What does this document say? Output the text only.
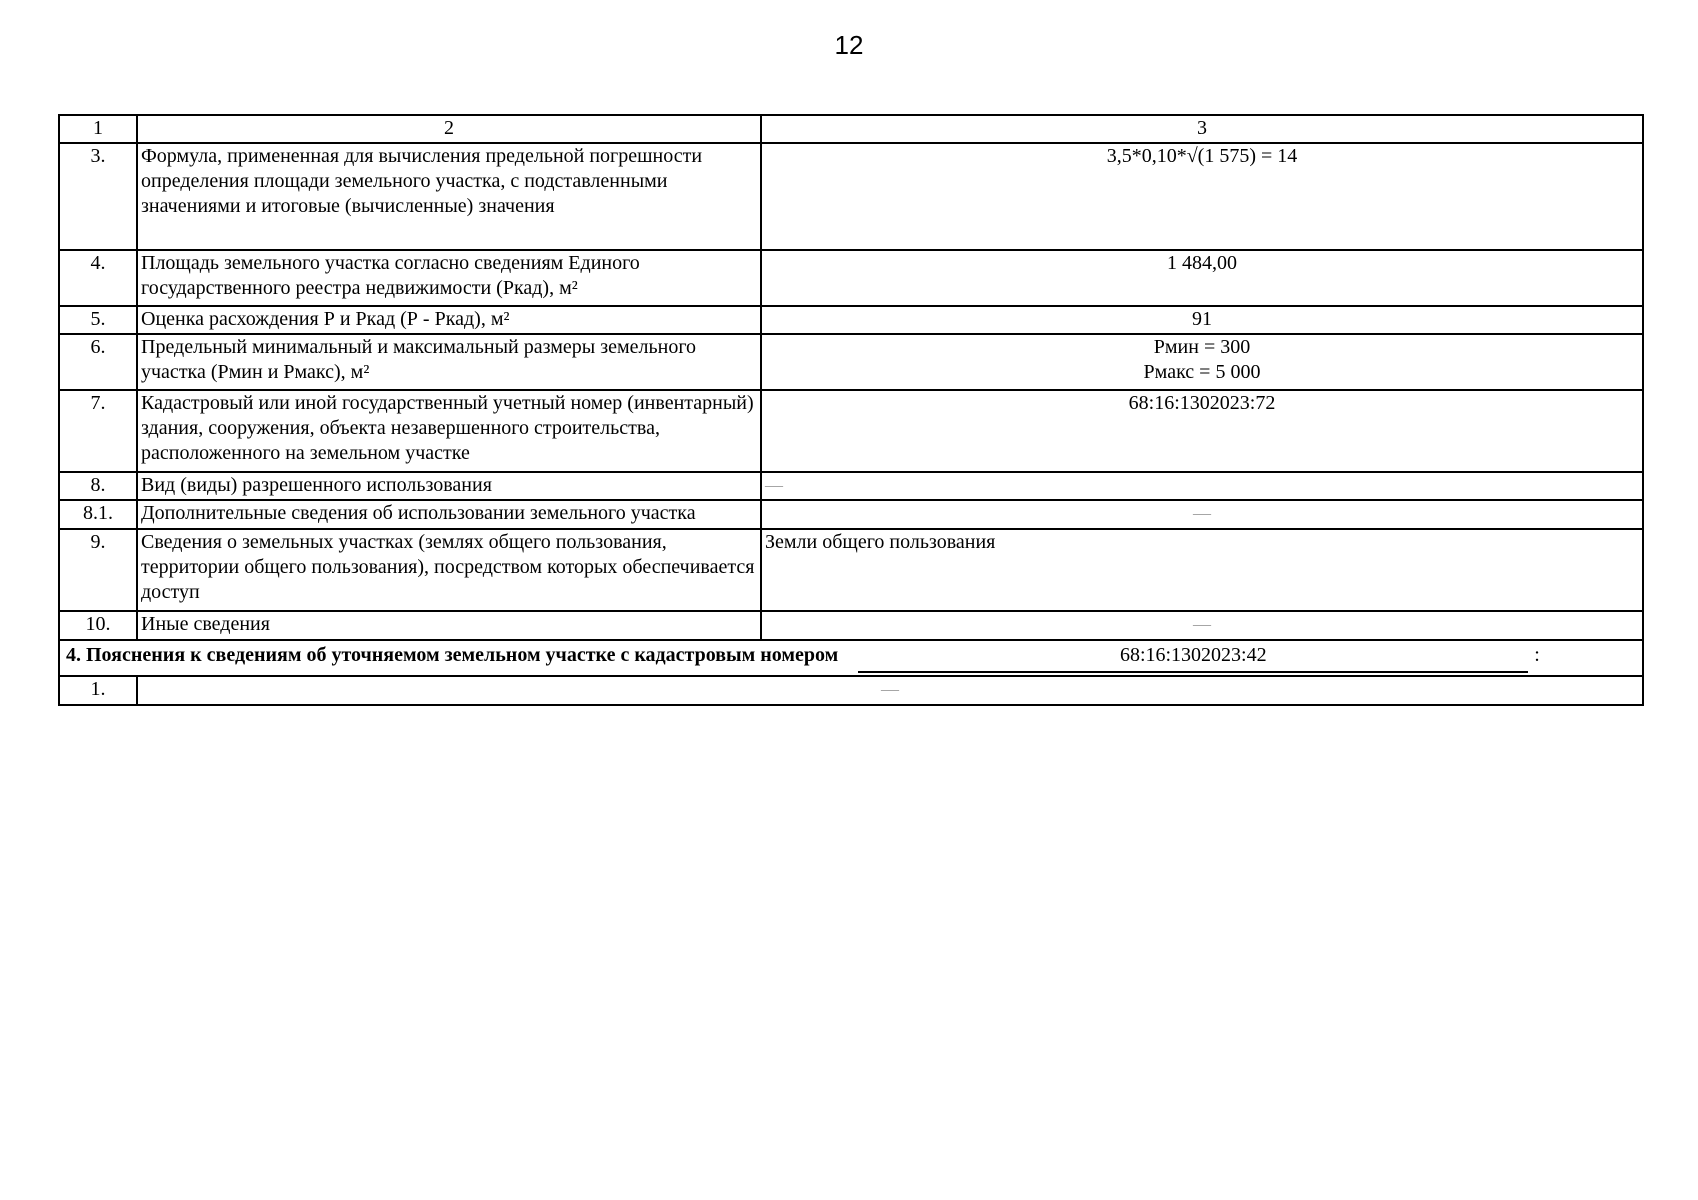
12
1	2	3
3.	Формула, примененная для вычисления предельной погрешности определения площади земельного участка, с подставленными значениями и итоговые (вычисленные) значения	3,5*0,10*√(1 575) = 14
4.	Площадь земельного участка согласно сведениям Единого государственного реестра недвижимости (Ркад), м²	1 484,00
5.	Оценка расхождения Р и Ркад (Р - Ркад), м²	91
6.	Предельный минимальный и максимальный размеры земельного участка (Рмин и Рмакс), м²	Рмин = 300
Рмакс = 5 000

7.	Кадастровый или иной государственный учетный номер (инвентарный) здания, сооружения, объекта незавершенного строительства, расположенного на земельном участке	68:16:1302023:72
8.	Вид (виды) разрешенного использования	—
8.1.	Дополнительные сведения об использовании земельного участка	—
9.	Сведения о земельных участках (землях общего пользования, территории общего пользования), посредством которых обеспечивается доступ	Земли общего пользования
10.	Иные сведения	—

4. Пояснения к сведениям об уточняемом земельном участке с кадастровым номером 68:16:1302023:42 :		

1.	—	
